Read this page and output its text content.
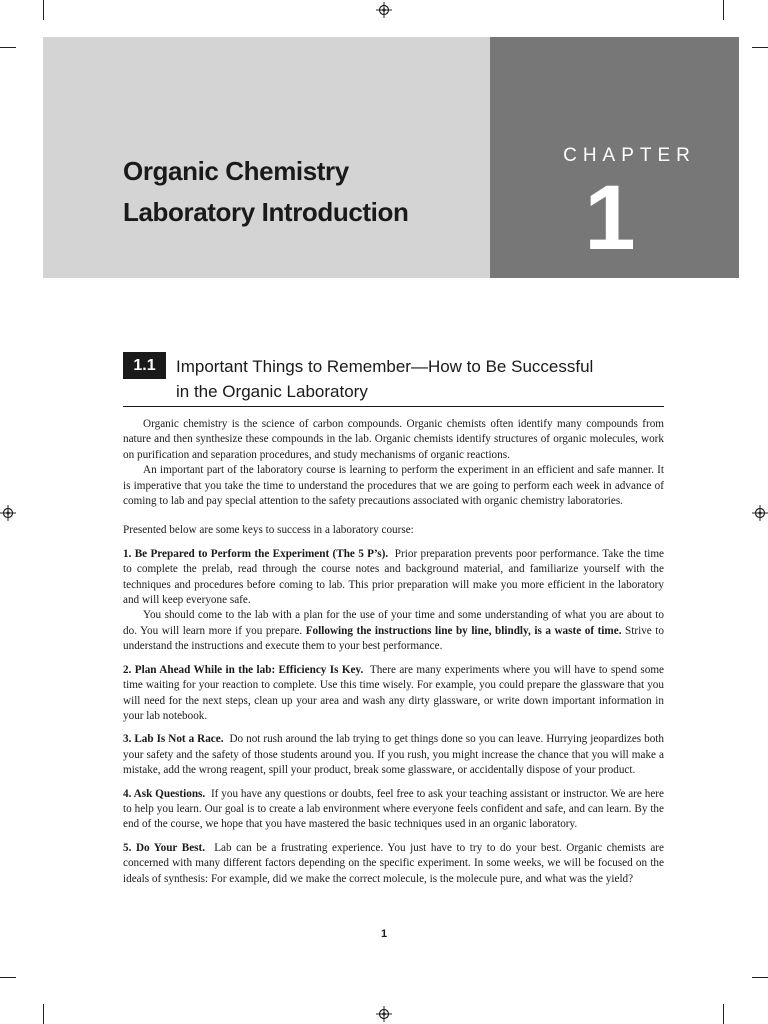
CHAPTER
1
Organic Chemistry
Laboratory Introduction
1.1	Important Things to Remember—How to Be Successful
in the Organic Laboratory

Organic chemistry is the science of carbon compounds. Organic chemists often identify many compounds from nature and then synthesize these compounds in the lab. Organic chemists identify structures of organic molecules, work on purification and separation procedures, and study mechanisms of organic reactions.

An important part of the laboratory course is learning to perform the experiment in an efficient and safe manner. It is imperative that you take the time to understand the procedures that we are going to perform each week in advance of coming to lab and pay special attention to the safety precautions associated with organic chemistry laboratories.

Presented below are some keys to success in a laboratory course:

1. Be Prepared to Perform the Experiment (The 5 P’s). Prior preparation prevents poor performance. Take the time to complete the prelab, read through the course notes and background material, and familiarize yourself with the techniques and procedures before coming to lab. This prior preparation will make you more efficient in the laboratory and will keep everyone safe.

You should come to the lab with a plan for the use of your time and some understanding of what you are about to do. You will learn more if you prepare. Following the instructions line by line, blindly, is a waste of time. Strive to understand the instructions and execute them to your best performance.

2. Plan Ahead While in the lab: Efficiency Is Key. There are many experiments where you will have to spend some time waiting for your reaction to complete. Use this time wisely. For example, you could prepare the glassware that you will need for the next steps, clean up your area and wash any dirty glassware, or write down important information in your lab notebook.

3. Lab Is Not a Race. Do not rush around the lab trying to get things done so you can leave. Hurrying jeopardizes both your safety and the safety of those students around you. If you rush, you might increase the chance that you will make a mistake, add the wrong reagent, spill your product, break some glassware, or accidentally dispose of your product.

4. Ask Questions. If you have any questions or doubts, feel free to ask your teaching assistant or instructor. We are here to help you learn. Our goal is to create a lab environment where everyone feels confident and safe, and can learn. By the end of the course, we hope that you have mastered the basic techniques used in an organic laboratory.

5. Do Your Best. Lab can be a frustrating experience. You just have to try to do your best. Organic chemists are concerned with many different factors depending on the specific experiment. In some weeks, we will be focused on the ideals of synthesis: For example, did we make the correct molecule, is the molecule pure, and what was the yield?

1
